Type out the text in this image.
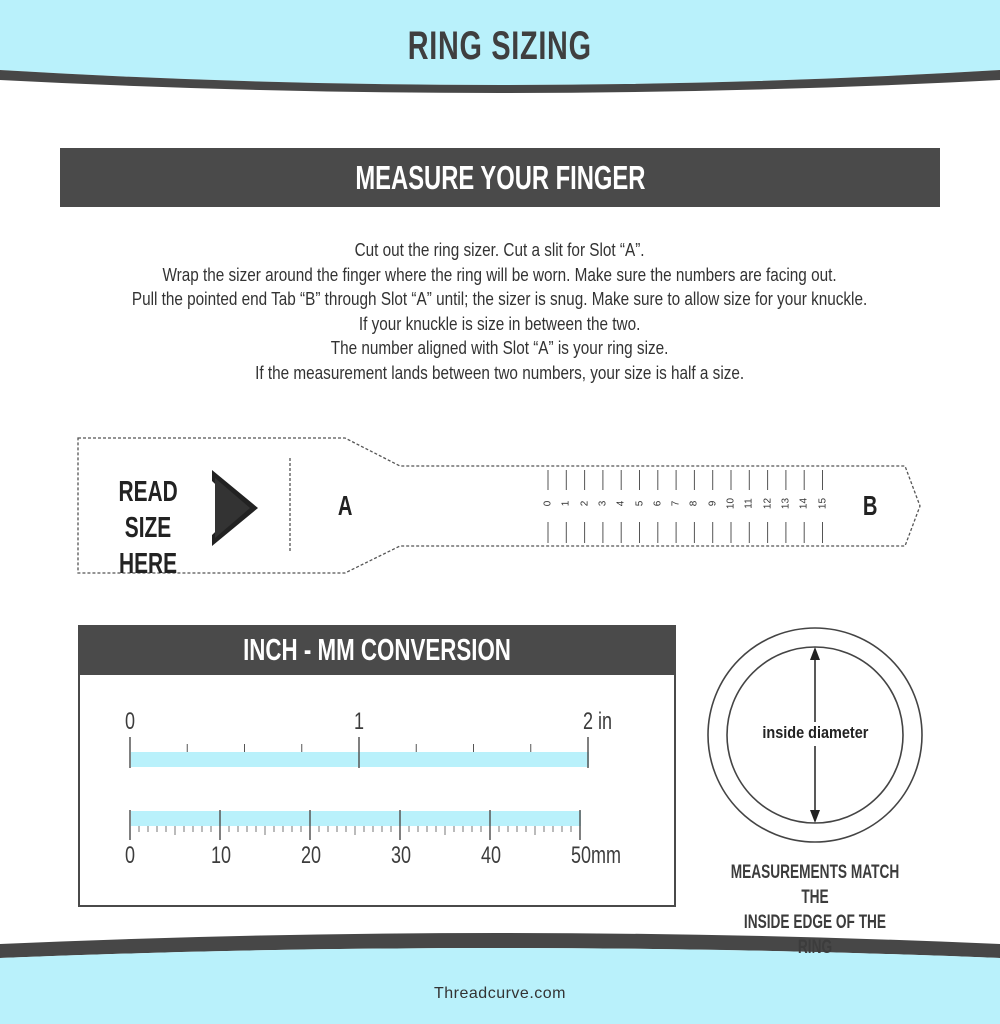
RING SIZING
MEASURE YOUR FINGER
Cut out the ring sizer. Cut a slit for Slot “A”.
Wrap the sizer around the finger where the ring will be worn. Make sure the numbers are facing out.
Pull the pointed end Tab “B” through Slot “A” until; the sizer is snug. Make sure to allow size for your knuckle.
If your knuckle is size in between the two.
The number aligned with Slot “A” is your ring size.
If the measurement lands between two numbers, your size is half a size.
READ
SIZE HERE
A	B
0 1 2 3 4 5 6 7 8 9 10 11 12 13 14 15
INCH - MM CONVERSION
0	1	2 in
0	10	20	30	40	50mm
inside diameter
MEASUREMENTS MATCH THE
INSIDE EDGE OF THE RING
Threadcurve.com
